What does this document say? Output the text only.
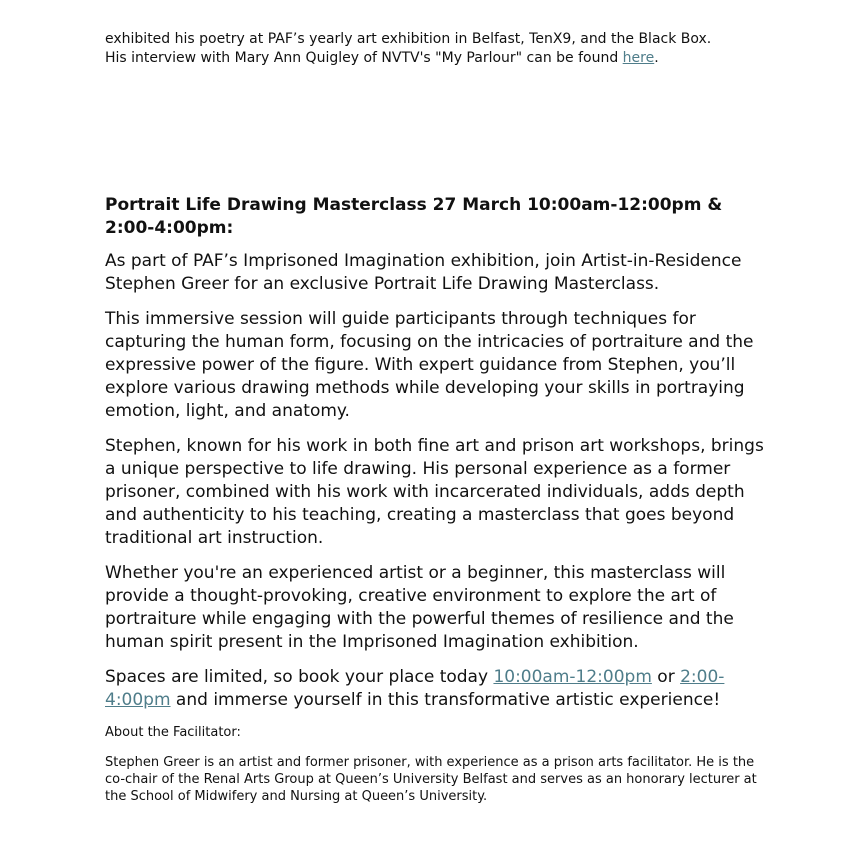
exhibited his poetry at PAF’s yearly art exhibition in Belfast, TenX9, and the Black Box.
His interview with Mary Ann Quigley of NVTV's "My Parlour" can be found here.

Portrait Life Drawing Masterclass 27 March 10:00am-12:00pm & 2:00-4:00pm:

As part of PAF’s Imprisoned Imagination exhibition, join Artist-in-Residence Stephen Greer for an exclusive Portrait Life Drawing Masterclass.

This immersive session will guide participants through techniques for capturing the human form, focusing on the intricacies of portraiture and the expressive power of the figure. With expert guidance from Stephen, you’ll explore various drawing methods while developing your skills in portraying emotion, light, and anatomy.

Stephen, known for his work in both fine art and prison art workshops, brings a unique perspective to life drawing. His personal experience as a former prisoner, combined with his work with incarcerated individuals, adds depth and authenticity to his teaching, creating a masterclass that goes beyond traditional art instruction.

Whether you're an experienced artist or a beginner, this masterclass will provide a thought-provoking, creative environment to explore the art of portraiture while engaging with the powerful themes of resilience and the human spirit present in the Imprisoned Imagination exhibition.

Spaces are limited, so book your place today 10:00am-12:00pm or 2:00-4:00pm and immerse yourself in this transformative artistic experience!

About the Facilitator:

Stephen Greer is an artist and former prisoner, with experience as a prison arts facilitator. He is the co-chair of the Renal Arts Group at Queen’s University Belfast and serves as an honorary lecturer at the School of Midwifery and Nursing at Queen’s University.
